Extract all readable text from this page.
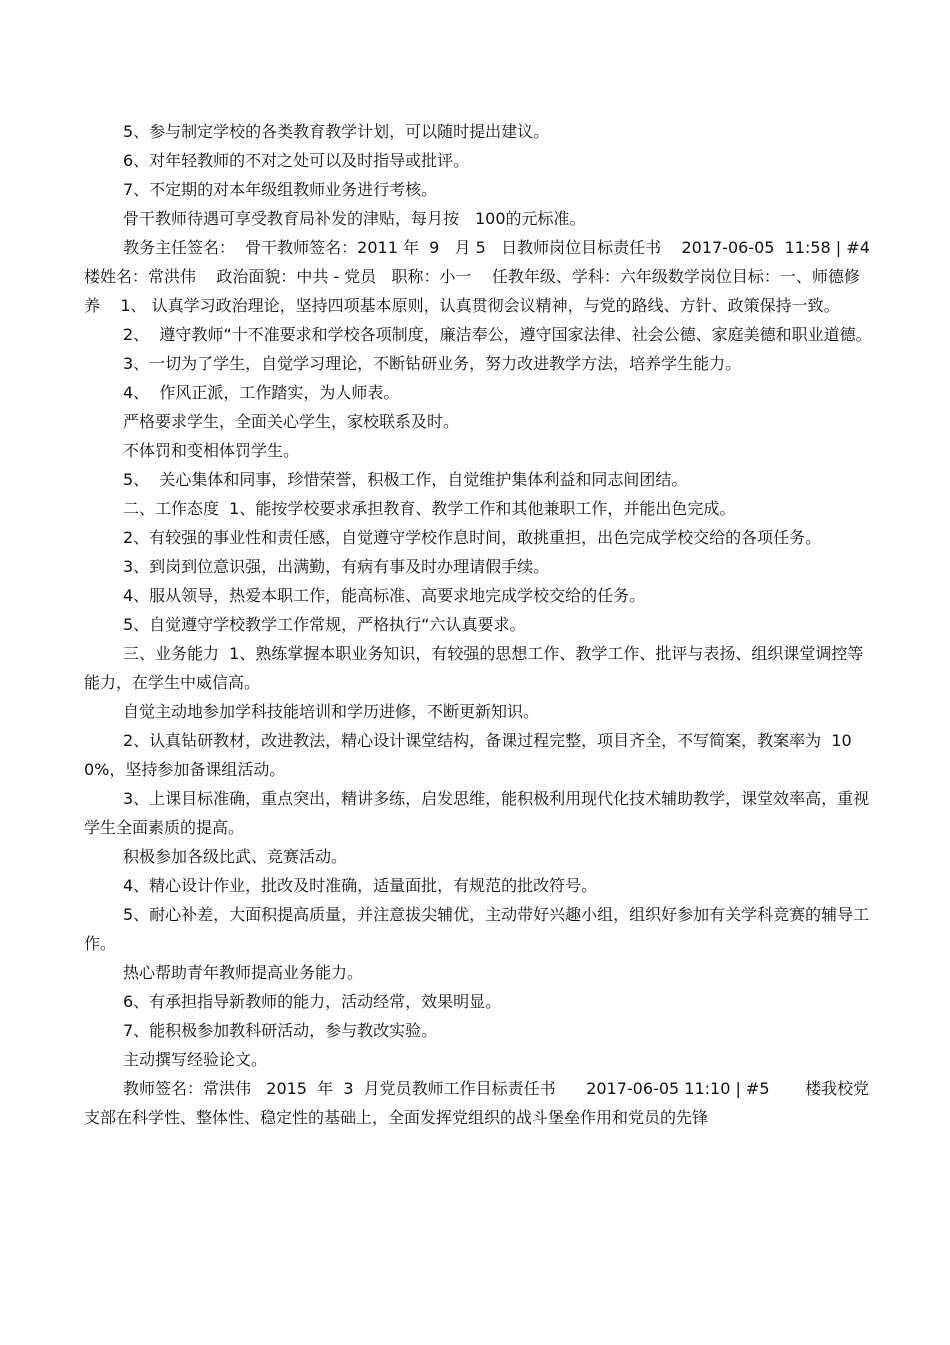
5、参与制定学校的各类教育教学计划，可以随时提出建议。

6、对年轻教师的不对之处可以及时指导或批评。

7、不定期的对本年级组教师业务进行考核。

骨干教师待遇可享受教育局补发的津贴，每月按　100的元标准。

教务主任签名：  骨干教师签名：2011 年  9   月 5   日教师岗位目标责任书    2017-06-05  11:58 | #4   楼姓名：常洪伟    政治面貌：中共 - 党员   职称：小一    任教年级、学科：六年级数学岗位目标：一、师德修养    1、 认真学习政治理论，坚持四项基本原则，认真贯彻会议精神，与党的路线、方针、政策保持一致。

2、  遵守教师“十不准要求和学校各项制度，廉洁奉公，遵守国家法律、社会公德、家庭美德和职业道德。

3、一切为了学生，自觉学习理论，不断钻研业务，努力改进教学方法，培养学生能力。

4、  作风正派，工作踏实，为人师表。

严格要求学生，全面关心学生，家校联系及时。

不体罚和变相体罚学生。

5、  关心集体和同事，珍惜荣誉，积极工作，自觉维护集体利益和同志间团结。

二、工作态度  1、能按学校要求承担教育、教学工作和其他兼职工作，并能出色完成。

2、有较强的事业性和责任感，自觉遵守学校作息时间，敢挑重担，出色完成学校交给的各项任务。

3、到岗到位意识强，出满勤，有病有事及时办理请假手续。

4、服从领导，热爱本职工作，能高标准、高要求地完成学校交给的任务。

5、自觉遵守学校教学工作常规，严格执行“六认真要求。

三、业务能力  1、熟练掌握本职业务知识，有较强的思想工作、教学工作、批评与表扬、组织课堂调控等能力，在学生中威信高。

自觉主动地参加学科技能培训和学历进修，不断更新知识。

2、认真钻研教材，改进教法，精心设计课堂结构，备课过程完整，项目齐全，不写简案，教案率为  100%，坚持参加备课组活动。

3、上课目标准确，重点突出，精讲多练，启发思维，能积极利用现代化技术辅助教学，课堂效率高，重视学生全面素质的提高。

积极参加各级比武、竞赛活动。

4、精心设计作业，批改及时准确，适量面批，有规范的批改符号。

5、耐心补差，大面积提高质量，并注意拔尖辅优，主动带好兴趣小组，组织好参加有关学科竞赛的辅导工作。

热心帮助青年教师提高业务能力。

6、有承担指导新教师的能力，活动经常，效果明显。

7、能积极参加教科研活动，参与教改实验。

主动撰写经验论文。

教师签名：常洪伟   2015  年  3  月党员教师工作目标责任书      2017-06-05 11:10 | #5       楼我校党支部在科学性、整体性、稳定性的基础上，全面发挥党组织的战斗堡垒作用和党员的先锋
